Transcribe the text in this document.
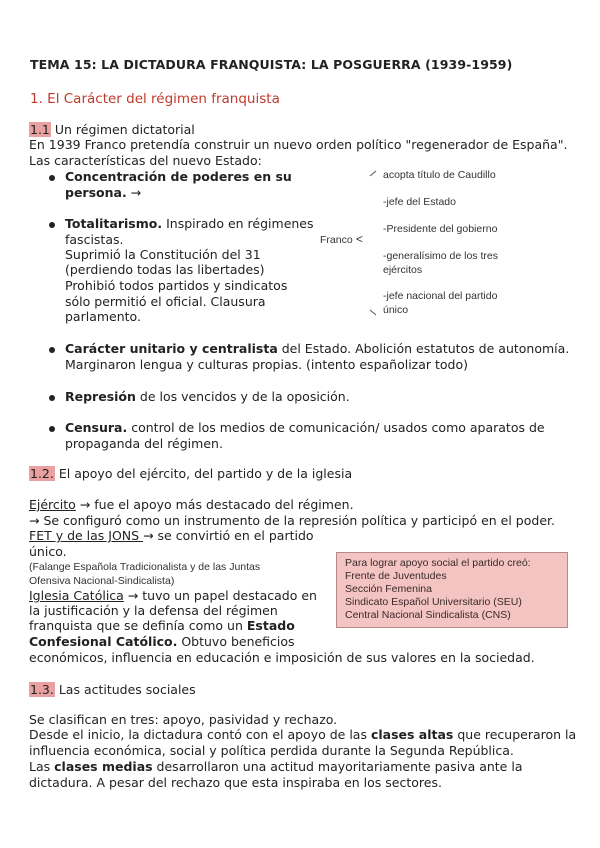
TEMA 15: LA DICTADURA FRANQUISTA: LA POSGUERRA (1939-1959)
1. El Carácter del régimen franquista
1.1 Un régimen dictatorial
En 1939 Franco pretendía construir un nuevo orden político "regenerador de España".
Las características del nuevo Estado:
Concentración de poderes en su
persona. →
Totalitarismo. Inspirado en régimenes
fascistas.
Suprimió la Constitución del 31
(perdiendo todas las libertades)
Prohibió todos partidos y sindicatos
sólo permitió el oficial. Clausura
parlamento.
Franco <
acopta título de Caudillo
-jefe del Estado
-Presidente del gobierno
-generalísimo de los tres
ejércitos
-jefe nacional del partido
único
Carácter unitario y centralista del Estado. Abolición estatutos de autonomía.
Marginaron lengua y culturas propias. (intento españolizar todo)
Represión de los vencidos y de la oposición.
Censura. control de los medios de comunicación/ usados como aparatos de
propaganda del régimen.
1.2. El apoyo del ejército, del partido y de la iglesia
Ejército → fue el apoyo más destacado del régimen.
→ Se configuró como un instrumento de la represión política y participó en el poder.
FET y de las JONS → se convirtió en el partido
único.
(Falange Española Tradicionalista y de las Juntas
Ofensiva Nacional-Sindicalista)
Iglesia Católica → tuvo un papel destacado en
la justificación y la defensa del régimen
franquista que se definía como un Estado
Confesional Católico. Obtuvo beneficios
económicos, influencia en educación e imposición de sus valores en la sociedad.
Para lograr apoyo social el partido creó:
Frente de Juventudes
Sección Femenina
Sindicato Español Universitario (SEU)
Central Nacional Sindicalista (CNS)
1.3. Las actitudes sociales
Se clasifican en tres: apoyo, pasividad y rechazo.
Desde el inicio, la dictadura contó con el apoyo de las clases altas que recuperaron la
influencia económica, social y política perdida durante la Segunda República.
Las clases medias desarrollaron una actitud mayoritariamente pasiva ante la
dictadura. A pesar del rechazo que esta inspiraba en los sectores.
